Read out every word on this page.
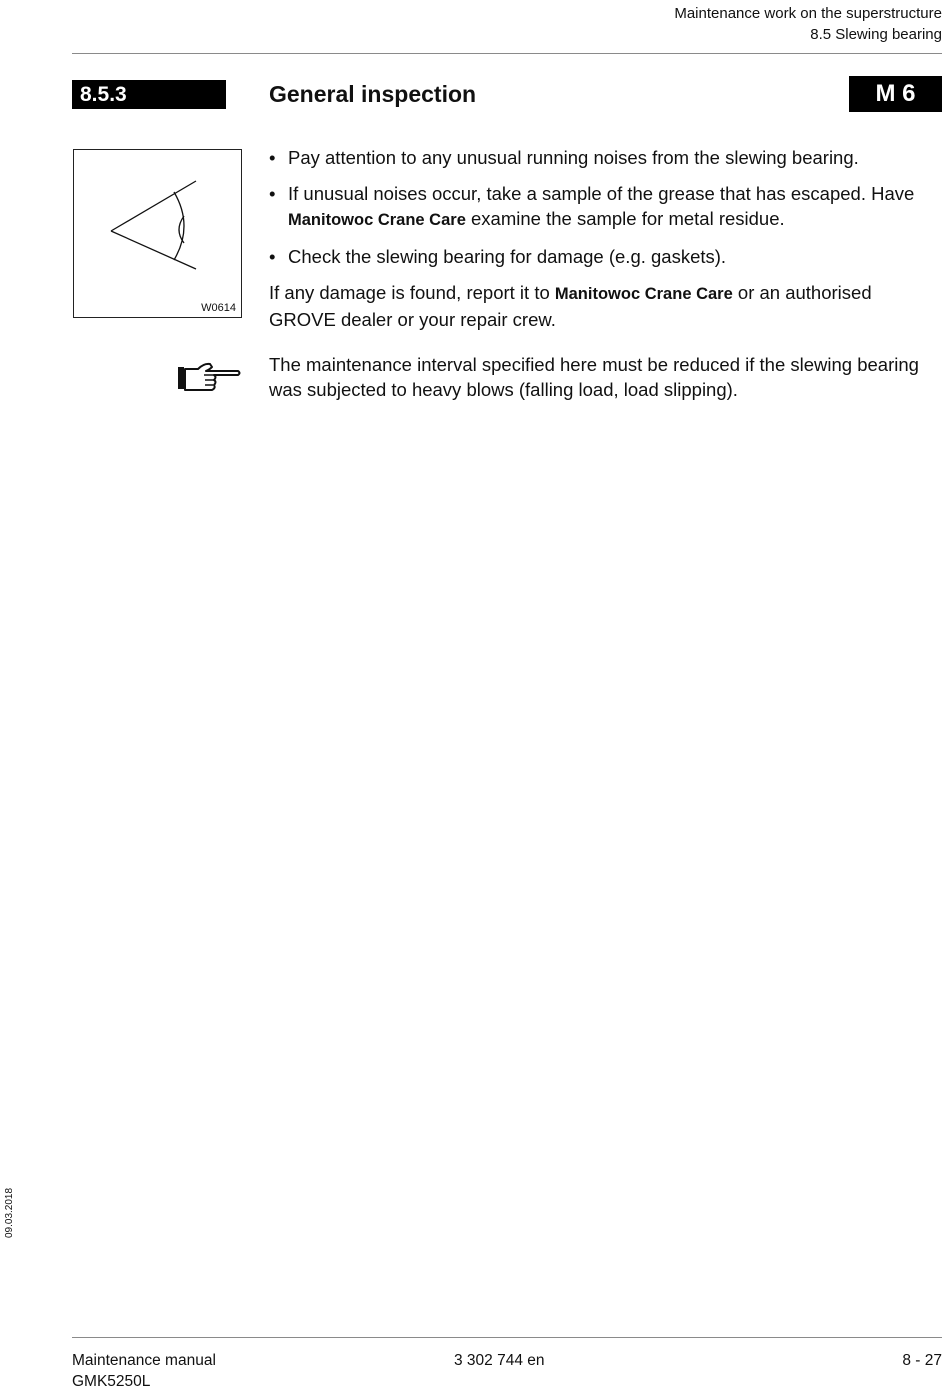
Maintenance work on the superstructure
8.5 Slewing bearing
8.5.3	General inspection	M 6
W0614
• Pay attention to any unusual running noises from the slewing bearing.
• If unusual noises occur, take a sample of the grease that has escaped. Have Manitowoc Crane Care examine the sample for metal residue.
• Check the slewing bearing for damage (e.g. gaskets).

If any damage is found, report it to Manitowoc Crane Care or an authorised GROVE dealer or your repair crew.

The maintenance interval specified here must be reduced if the slewing bearing was subjected to heavy blows (falling load, load slipping).
09.03.2018
Maintenance manual
GMK5250L
3 302 744 en	8 - 27
